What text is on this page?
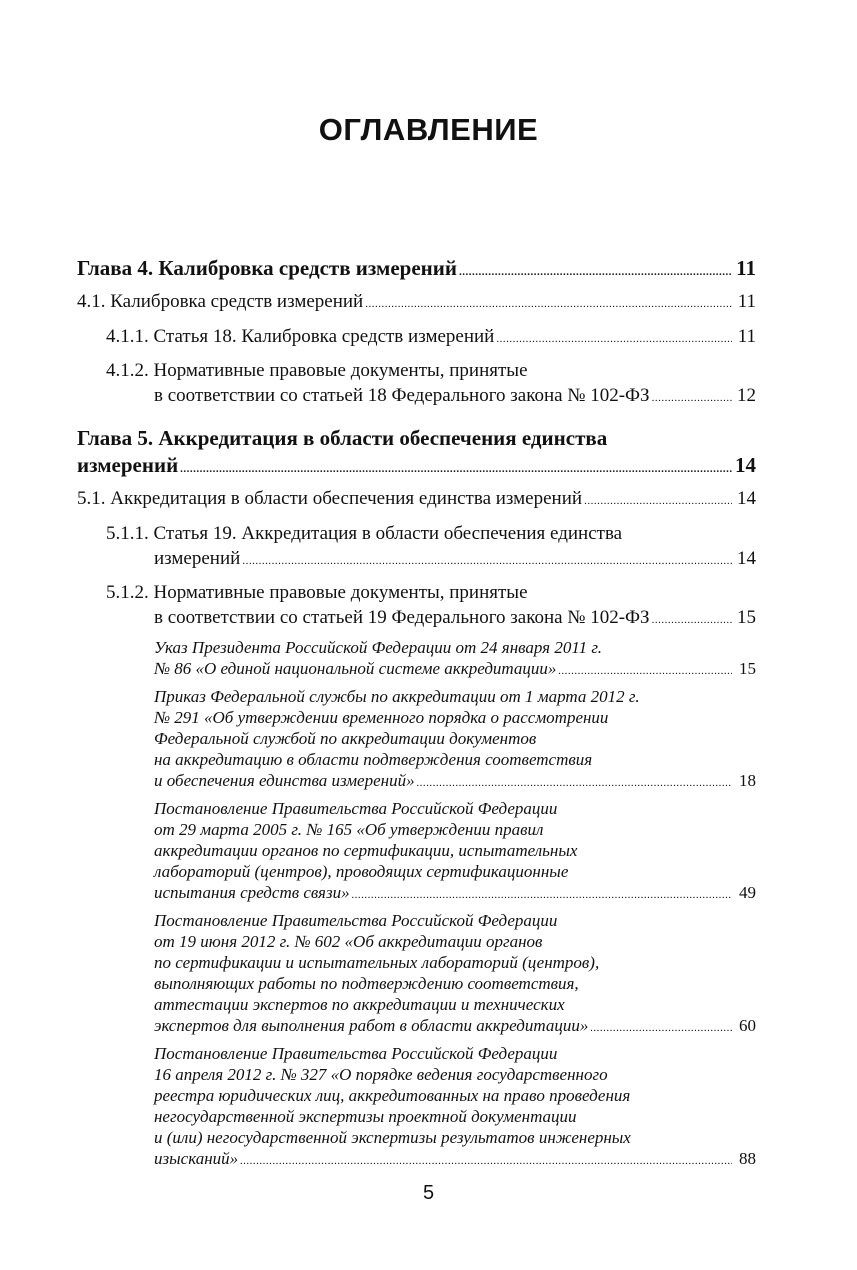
ОГЛАВЛЕНИЕ
Глава 4. Калибровка средств измерений .....	11
4.1. Калибровка средств измерений .....	11
4.1.1. Статья 18. Калибровка средств измерений .....	11
4.1.2. Нормативные правовые документы, принятые
в соответствии со статьей 18 Федерального закона № 102-ФЗ .....	12
Глава 5. Аккредитация в области обеспечения единства
измерений .....	14
5.1. Аккредитация в области обеспечения единства измерений .....	14
5.1.1. Статья 19. Аккредитация в области обеспечения единства
измерений .....	14
5.1.2. Нормативные правовые документы, принятые
в соответствии со статьей 19 Федерального закона № 102-ФЗ .....	15
Указ Президента Российской Федерации от 24 января 2011 г.
№ 86 «О единой национальной системе аккредитации» .....	15
Приказ Федеральной службы по аккредитации от 1 марта 2012 г.
№ 291 «Об утверждении временного порядка о рассмотрении
Федеральной службой по аккредитации документов
на аккредитацию в области подтверждения соответствия
и обеспечения единства измерений» .....	18
Постановление Правительства Российской Федерации
от 29 марта 2005 г. № 165 «Об утверждении правил
аккредитации органов по сертификации, испытательных
лабораторий (центров), проводящих сертификационные
испытания средств связи» .....	49
Постановление Правительства Российской Федерации
от 19 июня 2012 г. № 602 «Об аккредитации органов
по сертификации и испытательных лабораторий (центров),
выполняющих работы по подтверждению соответствия,
аттестации экспертов по аккредитации и технических
экспертов для выполнения работ в области аккредитации» .....	60
Постановление Правительства Российской Федерации
16 апреля 2012 г. № 327 «О порядке ведения государственного
реестра юридических лиц, аккредитованных на право проведения
негосударственной экспертизы проектной документации
и (или) негосударственной экспертизы результатов инженерных
изысканий» .....	88
5
